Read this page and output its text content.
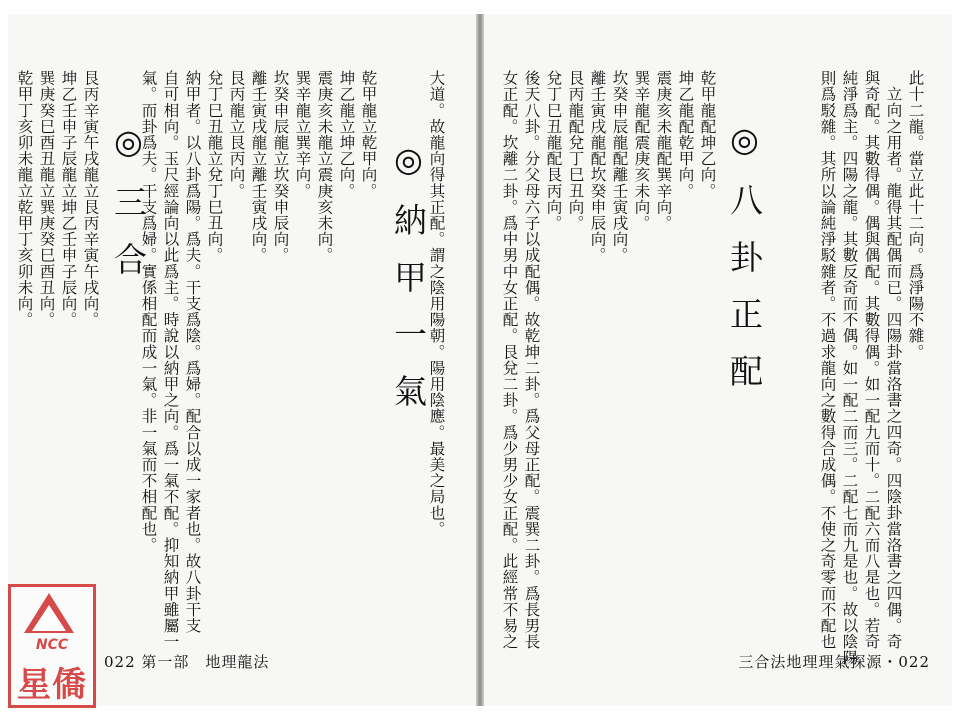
此十二龍。當立此十二向。爲淨陽不雜。
立向之用者。龍得其配偶而已。四陽卦當洛書之四奇。四陰卦當洛書之四偶。奇
與奇配。其數得偶。偶與偶配。其數得偶。如一配九而十。二配六而八是也。若奇
純淨爲主。四陽之龍。其數反奇而不偶。如一配二而三。二配七而九是也。故以陰陽
則爲駁雜。其所以論純淨駁雜者。不過求龍向之數得合成偶。不使之奇零而不配也
◎八卦正配
乾甲龍配坤乙向。
坤乙龍配乾甲向。
震庚亥未龍配巽辛向。
巽辛龍配震庚亥未向。
坎癸申辰龍配離壬寅戌向。
離壬寅戌龍配坎癸申辰向。
艮丙龍配兌丁巳丑向。
兌丁巳丑龍配艮丙向。
後天八卦。分父母六子以成配偶。故乾坤二卦。爲父母正配。震巽二卦。爲長男長
女正配。坎離二卦。爲中男中女正配。艮兌二卦。爲少男少女正配。此經常不易之
三合法地理理氣探源・022
大道。故龍向得其正配。謂之陰用陽朝。陽用陰應。最美之局也。
◎納甲一氣
乾甲龍立乾甲向。
坤乙龍立坤乙向。
震庚亥未龍立震庚亥未向。
巽辛龍立巽辛向。
坎癸申辰龍立坎癸申辰向。
離壬寅戌龍立離壬寅戌向。
艮丙龍立艮丙向。
兌丁巳丑龍立兌丁巳丑向。
納甲者。以八卦爲陽。爲夫。干支爲陰。爲婦。配合以成一家者也。故八卦干支
自可相向。玉尺經論向以此爲主。時說以納甲之向。爲一氣不配。抑知納甲雖屬一
氣。而卦爲夫。干支爲婦。實係相配而成一氣。非一氣而不相配也。
◎三合
艮丙辛寅午戌龍立艮丙辛寅午戌向。
坤乙壬申子辰龍立坤乙壬申子辰向。
巽庚癸巳酉丑龍立巽庚癸巳酉丑向。
乾甲丁亥卯未龍立乾甲丁亥卯未向。
022 第一部　地理龍法
NCC
星僑
